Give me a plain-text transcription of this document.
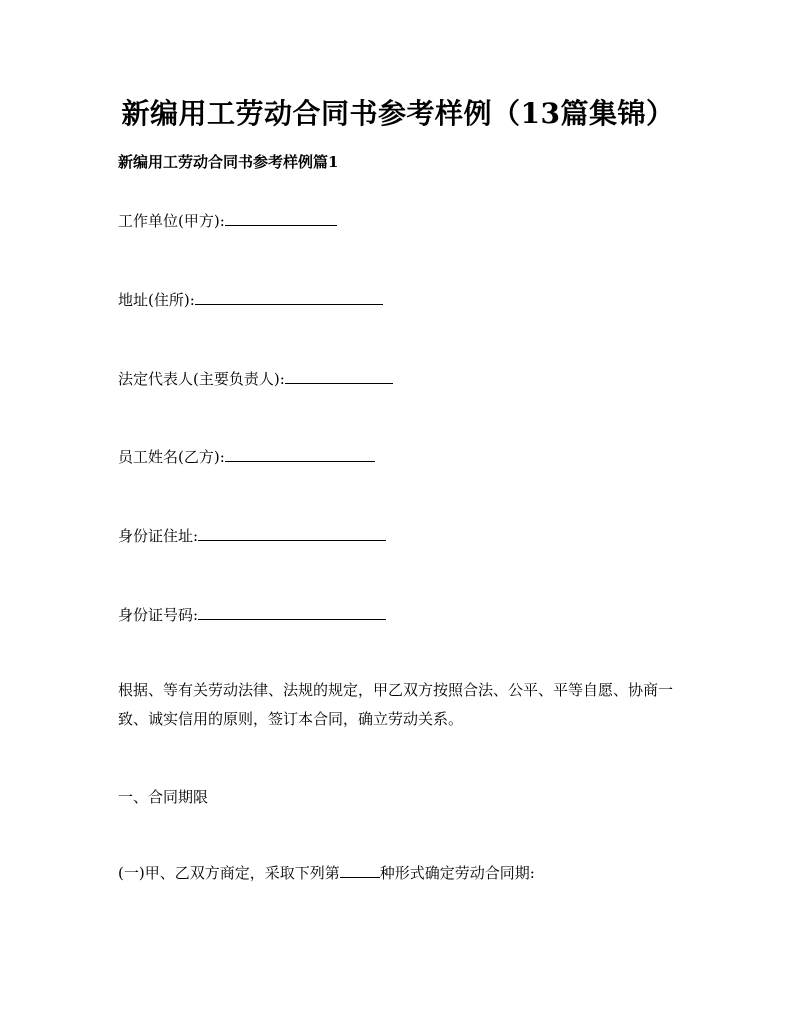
新编用工劳动合同书参考样例（13篇集锦）
新编用工劳动合同书参考样例篇1

工作单位(甲方):

地址(住所):

法定代表人(主要负责人):

员工姓名(乙方):

身份证住址:

身份证号码:

根据、等有关劳动法律、法规的规定，甲乙双方按照合法、公平、平等自愿、协商一致、诚实信用的原则，签订本合同，确立劳动关系。

一、合同期限

(一)甲、乙双方商定，采取下列第	种形式确定劳动合同期:
